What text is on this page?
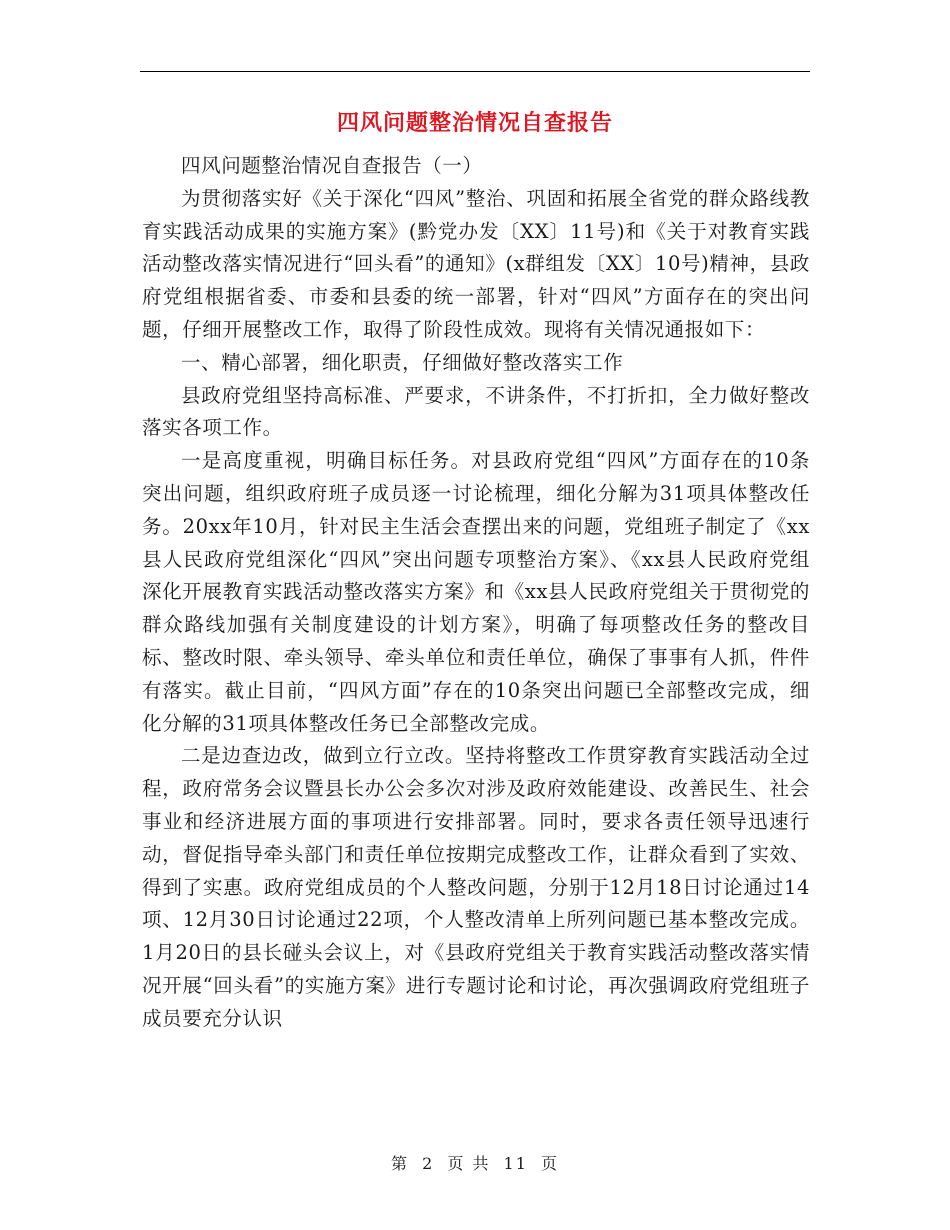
四风问题整治情况自查报告

四风问题整治情况自查报告（一）

为贯彻落实好《关于深化“四风”整治、巩固和拓展全省党的群众路线教育实践活动成果的实施方案》(黔党办发〔XX〕11号)和《关于对教育实践活动整改落实情况进行“回头看”的通知》(x群组发〔XX〕10号)精神，县政府党组根据省委、市委和县委的统一部署，针对“四风”方面存在的突出问题，仔细开展整改工作，取得了阶段性成效。现将有关情况通报如下：

一、精心部署，细化职责，仔细做好整改落实工作

县政府党组坚持高标准、严要求，不讲条件，不打折扣，全力做好整改落实各项工作。

一是高度重视，明确目标任务。对县政府党组“四风”方面存在的10条突出问题，组织政府班子成员逐一讨论梳理，细化分解为31项具体整改任务。20xx年10月，针对民主生活会查摆出来的问题，党组班子制定了《xx县人民政府党组深化“四风”突出问题专项整治方案》、《xx县人民政府党组深化开展教育实践活动整改落实方案》和《xx县人民政府党组关于贯彻党的群众路线加强有关制度建设的计划方案》，明确了每项整改任务的整改目标、整改时限、牵头领导、牵头单位和责任单位，确保了事事有人抓，件件有落实。截止目前，“四风方面”存在的10条突出问题已全部整改完成，细化分解的31项具体整改任务已全部整改完成。

二是边查边改，做到立行立改。坚持将整改工作贯穿教育实践活动全过程，政府常务会议暨县长办公会多次对涉及政府效能建设、改善民生、社会事业和经济进展方面的事项进行安排部署。同时，要求各责任领导迅速行动，督促指导牵头部门和责任单位按期完成整改工作，让群众看到了实效、得到了实惠。政府党组成员的个人整改问题，分别于12月18日讨论通过14项、12月30日讨论通过22项，个人整改清单上所列问题已基本整改完成。1月20日的县长碰头会议上，对《县政府党组关于教育实践活动整改落实情况开展“回头看”的实施方案》进行专题讨论和讨论，再次强调政府党组班子成员要充分认识

第 2 页 共 11 页
